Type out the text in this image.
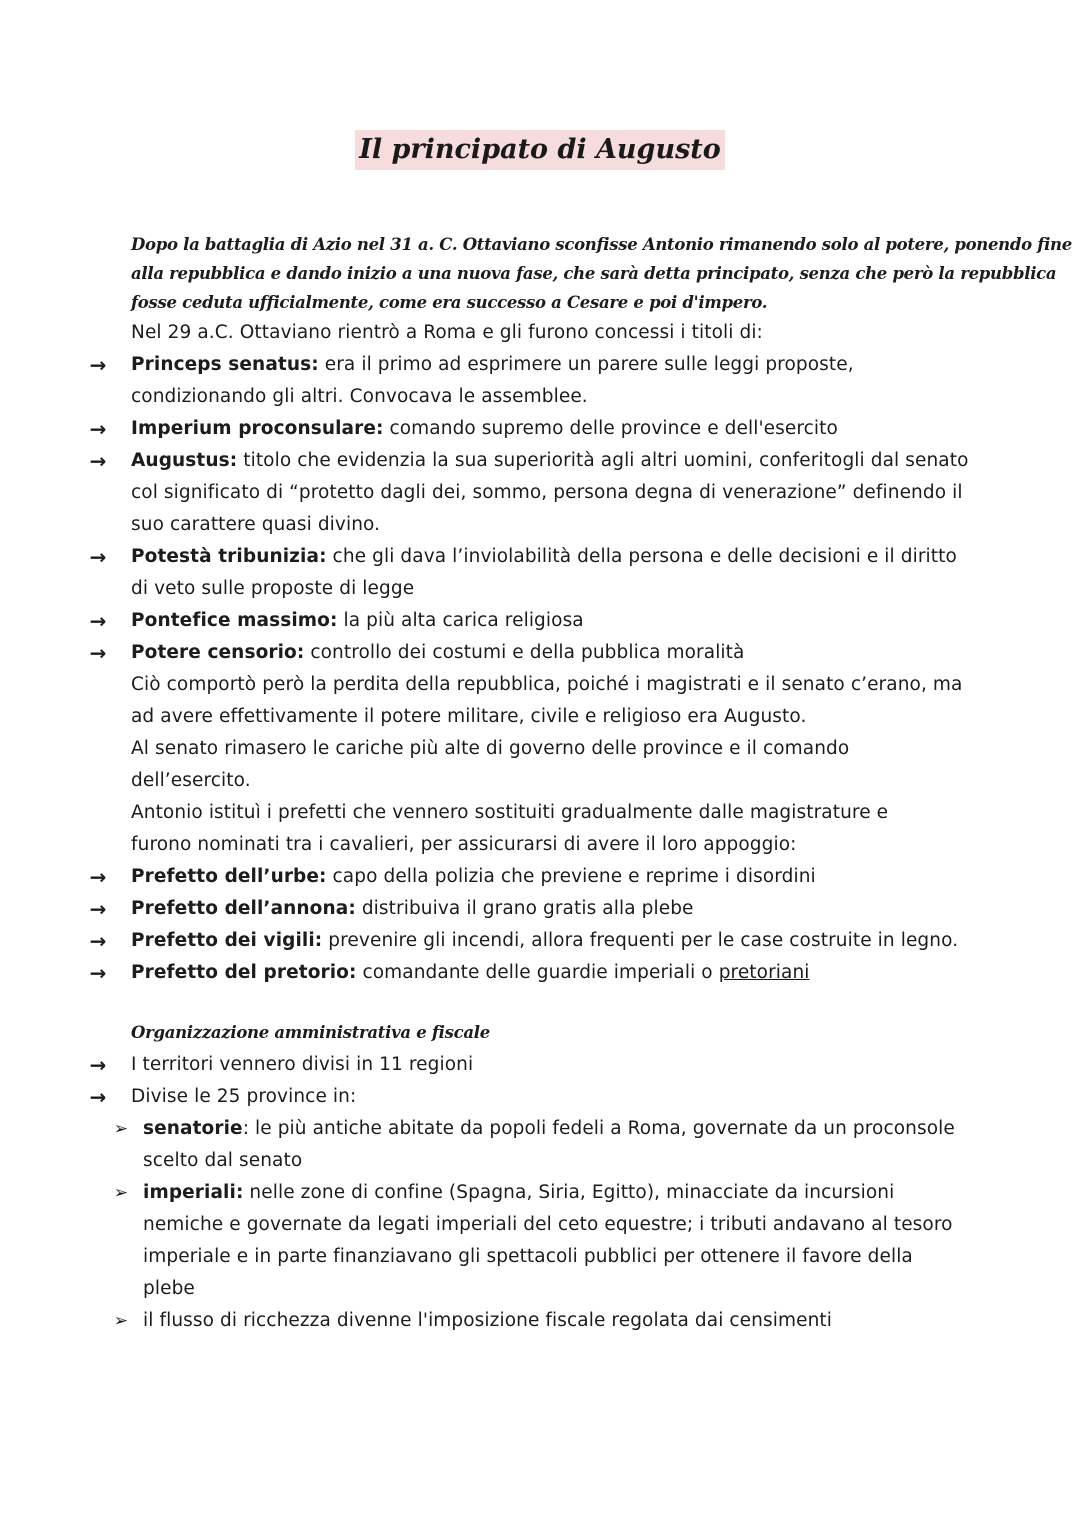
Il principato di Augusto
Dopo la battaglia di Azio nel 31 a. C. Ottaviano sconfisse Antonio rimanendo solo al potere, ponendo fine
alla repubblica e dando inizio a una nuova fase, che sarà detta principato, senza che però la repubblica
fosse ceduta ufficialmente, come era successo a Cesare e poi d'impero.
Nel 29 a.C. Ottaviano rientrò a Roma e gli furono concessi i titoli di:
→	Princeps senatus: era il primo ad esprimere un parere sulle leggi proposte,
condizionando gli altri. Convocava le assemblee.
→	Imperium proconsulare: comando supremo delle province e dell'esercito
→	Augustus: titolo che evidenzia la sua superiorità agli altri uomini, conferitogli dal senato
col significato di “protetto dagli dei, sommo, persona degna di venerazione” definendo il
suo carattere quasi divino.
→	Potestà tribunizia: che gli dava l’inviolabilità della persona e delle decisioni e il diritto
di veto sulle proposte di legge
→	Pontefice massimo: la più alta carica religiosa
→	Potere censorio: controllo dei costumi e della pubblica moralità
Ciò comportò però la perdita della repubblica, poiché i magistrati e il senato c’erano, ma
ad avere effettivamente il potere militare, civile e religioso era Augusto.
Al senato rimasero le cariche più alte di governo delle province e il comando
dell’esercito.
Antonio istituì i prefetti che vennero sostituiti gradualmente dalle magistrature e
furono nominati tra i cavalieri, per assicurarsi di avere il loro appoggio:
→	Prefetto dell’urbe: capo della polizia che previene e reprime i disordini
→	Prefetto dell’annona: distribuiva il grano gratis alla plebe
→	Prefetto dei vigili: prevenire gli incendi, allora frequenti per le case costruite in legno.
→	Prefetto del pretorio: comandante delle guardie imperiali o pretoriani
Organizzazione amministrativa e fiscale
→	I territori vennero divisi in 11 regioni
→	Divise le 25 province in:
➢ senatorie: le più antiche abitate da popoli fedeli a Roma, governate da un proconsole
scelto dal senato
➢ imperiali: nelle zone di confine (Spagna, Siria, Egitto), minacciate da incursioni
nemiche e governate da legati imperiali del ceto equestre; i tributi andavano al tesoro
imperiale e in parte finanziavano gli spettacoli pubblici per ottenere il favore della
plebe
➢ il flusso di ricchezza divenne l'imposizione fiscale regolata dai censimenti
